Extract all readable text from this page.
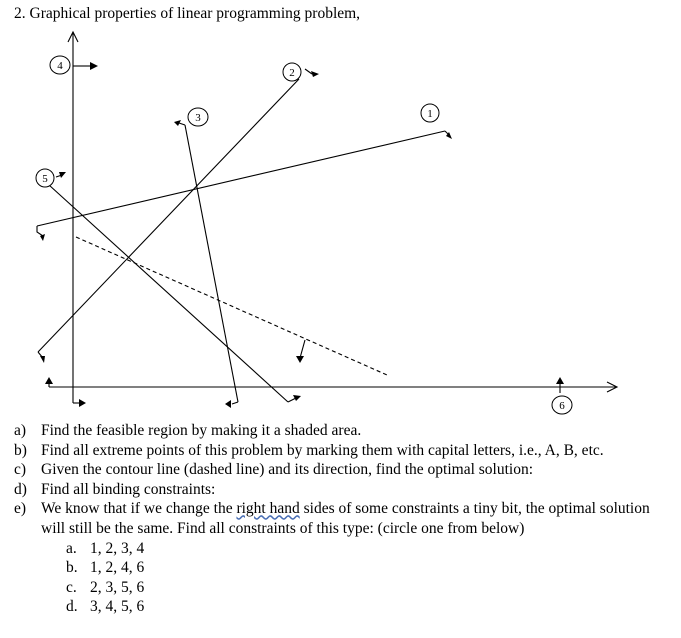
2. Graphical properties of linear programming problem,
1
2
3
4
5
6
a) Find the feasible region by making it a shaded area.
b) Find all extreme points of this problem by marking them with capital letters, i.e., A, B, etc.
c) Given the contour line (dashed line) and its direction, find the optimal solution:
d) Find all binding constraints:
e) We know that if we change the right hand sides of some constraints a tiny bit, the optimal solution will still be the same. Find all constraints of this type: (circle one from below)
a. 1, 2, 3, 4
b. 1, 2, 4, 6
c. 2, 3, 5, 6
d. 3, 4, 5, 6
